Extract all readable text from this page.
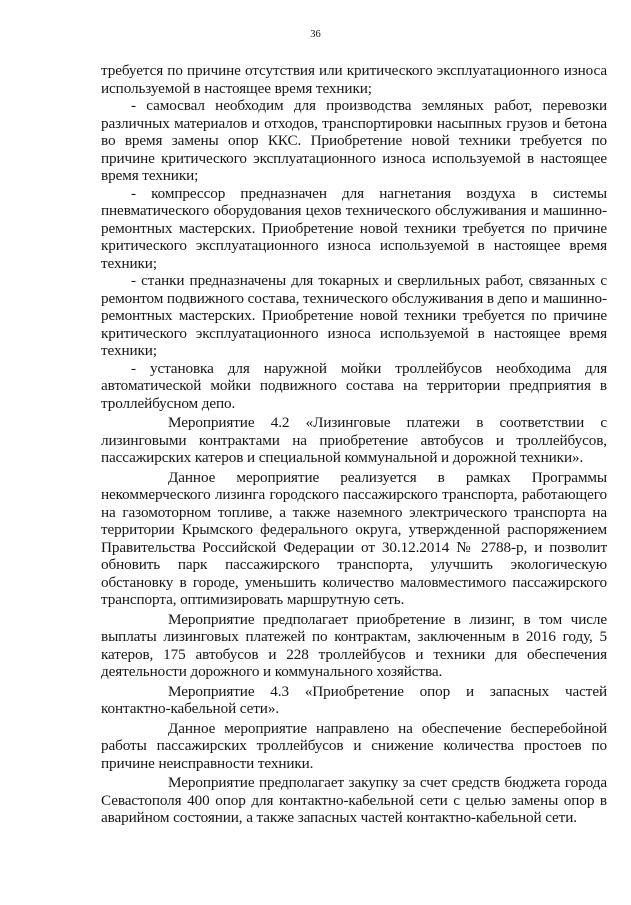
36

требуется по причине отсутствия или критического эксплуатационного износа используемой в настоящее время техники;

- самосвал необходим для производства земляных работ, перевозки различных материалов и отходов, транспортировки насыпных грузов и бетона во время замены опор ККС. Приобретение новой техники требуется по причине критического эксплуатационного износа используемой в настоящее время техники;

- компрессор предназначен для нагнетания воздуха в системы пневматического оборудования цехов технического обслуживания и машинно-ремонтных мастерских. Приобретение новой техники требуется по причине критического эксплуатационного износа используемой в настоящее время техники;

- станки предназначены для токарных и сверлильных работ, связанных с ремонтом подвижного состава, технического обслуживания в депо и машинно-ремонтных мастерских. Приобретение новой техники требуется по причине критического эксплуатационного износа используемой в настоящее время техники;

- установка для наружной мойки троллейбусов необходима для автоматической мойки подвижного состава на территории предприятия в троллейбусном депо.

Мероприятие 4.2 «Лизинговые платежи в соответствии с лизинговыми контрактами на приобретение автобусов и троллейбусов, пассажирских катеров и специальной коммунальной и дорожной техники».

Данное мероприятие реализуется в рамках Программы некоммерческого лизинга городского пассажирского транспорта, работающего на газомоторном топливе, а также наземного электрического транспорта на территории Крымского федерального округа, утвержденной распоряжением Правительства Российской Федерации от 30.12.2014 № 2788-р, и позволит обновить парк пассажирского транспорта, улучшить экологическую обстановку в городе, уменьшить количество маловместимого пассажирского транспорта, оптимизировать маршрутную сеть.

Мероприятие предполагает приобретение в лизинг, в том числе выплаты лизинговых платежей по контрактам, заключенным в 2016 году, 5 катеров, 175 автобусов и 228 троллейбусов и техники для обеспечения деятельности дорожного и коммунального хозяйства.

Мероприятие 4.3 «Приобретение опор и запасных частей контактно-кабельной сети».

Данное мероприятие направлено на обеспечение бесперебойной работы пассажирских троллейбусов и снижение количества простоев по причине неисправности техники.

Мероприятие предполагает закупку за счет средств бюджета города Севастополя 400 опор для контактно-кабельной сети с целью замены опор в аварийном состоянии, а также запасных частей контактно-кабельной сети.
